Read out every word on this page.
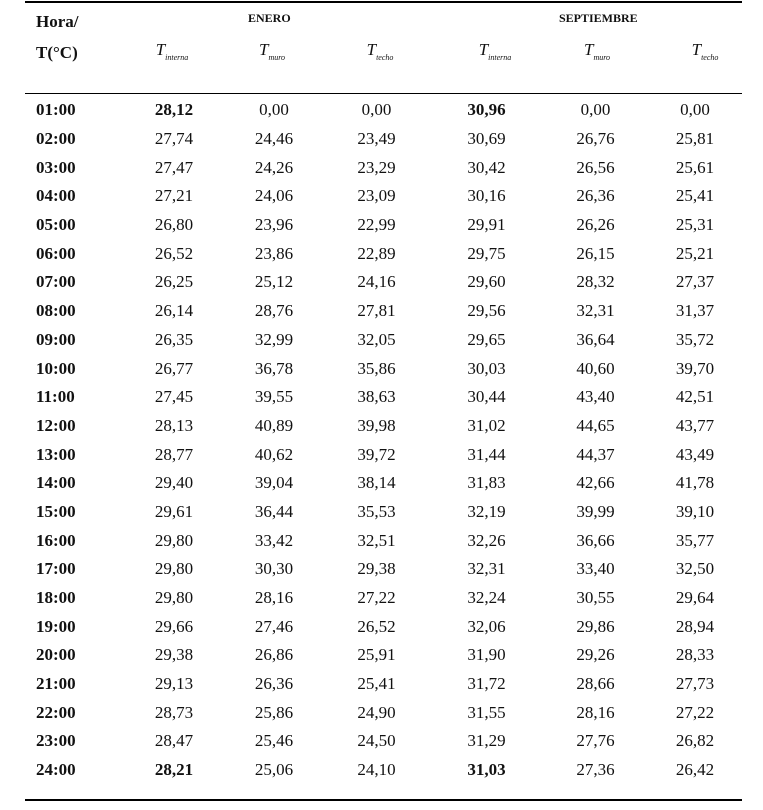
Hora/
T(°C)
ENERO	SEPTIEMBRE
$T_{interna}$	$T_{muro}$	$T_{techo}$	$T_{interna}$	$T_{muro}$	$T_{techo}$
01:00	28,12	0,00	0,00	30,96	0,00	0,00
02:00	27,74	24,46	23,49	30,69	26,76	25,81
03:00	27,47	24,26	23,29	30,42	26,56	25,61
04:00	27,21	24,06	23,09	30,16	26,36	25,41
05:00	26,80	23,96	22,99	29,91	26,26	25,31
06:00	26,52	23,86	22,89	29,75	26,15	25,21
07:00	26,25	25,12	24,16	29,60	28,32	27,37
08:00	26,14	28,76	27,81	29,56	32,31	31,37
09:00	26,35	32,99	32,05	29,65	36,64	35,72
10:00	26,77	36,78	35,86	30,03	40,60	39,70
11:00	27,45	39,55	38,63	30,44	43,40	42,51
12:00	28,13	40,89	39,98	31,02	44,65	43,77
13:00	28,77	40,62	39,72	31,44	44,37	43,49
14:00	29,40	39,04	38,14	31,83	42,66	41,78
15:00	29,61	36,44	35,53	32,19	39,99	39,10
16:00	29,80	33,42	32,51	32,26	36,66	35,77
17:00	29,80	30,30	29,38	32,31	33,40	32,50
18:00	29,80	28,16	27,22	32,24	30,55	29,64
19:00	29,66	27,46	26,52	32,06	29,86	28,94
20:00	29,38	26,86	25,91	31,90	29,26	28,33
21:00	29,13	26,36	25,41	31,72	28,66	27,73
22:00	28,73	25,86	24,90	31,55	28,16	27,22
23:00	28,47	25,46	24,50	31,29	27,76	26,82
24:00	28,21	25,06	24,10	31,03	27,36	26,42
